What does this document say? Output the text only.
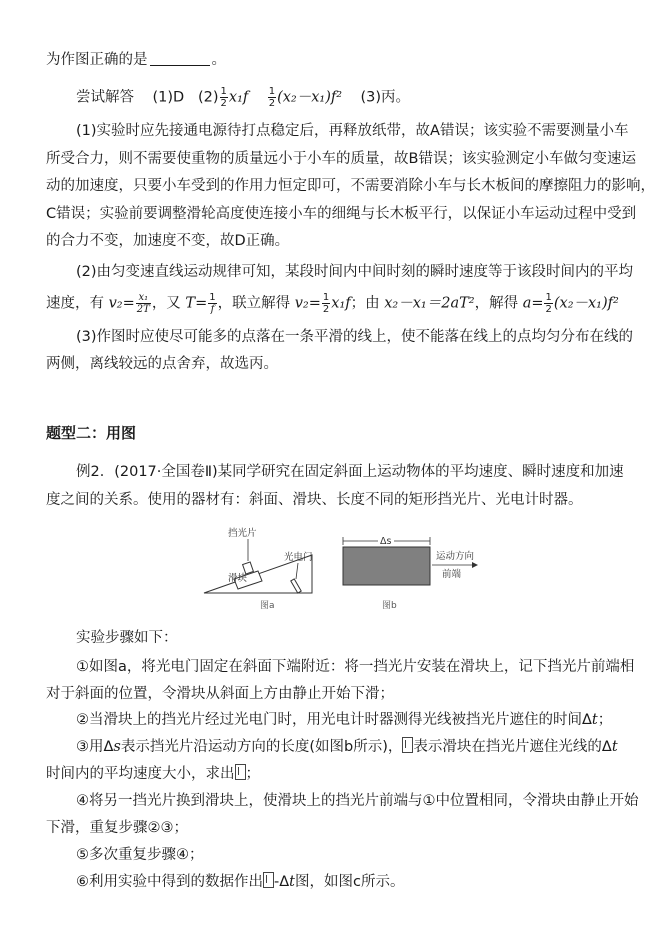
为作图正确的是	。
尝试解答 (1)D $(2) \frac{1}{2} x_1f \frac{1}{2} (x_2-x_1)f^2$ (3)丙。
(1)实验时应先接通电源待打点稳定后，再释放纸带，故A错误；该实验不需要测量小车
所受合力，则不需要使重物的质量远小于小车的质量，故B错误；该实验测定小车做匀变速运
动的加速度，只要小车受到的作用力恒定即可，不需要消除小车与长木板间的摩擦阻力的影响，
C错误；实验前要调整滑轮高度使连接小车的细绳与长木板平行，以保证小车运动过程中受到
的合力不变，加速度不变，故D正确。
(2)由匀变速直线运动规律可知，某段时间内中间时刻的瞬时速度等于该段时间内的平均
速度，有 $v_2= \frac{\text{x₁}}{2T}$ ，又 $T= \frac{1}{f}$ ，联立解得 $v_2= \frac{1}{2} x_1f$；由 x₂－x₁＝2aT²，解得 $a= \frac{1}{2} (x_2-x_1)f^2$
(3)作图时应使尽可能多的点落在一条平滑的线上，使不能落在线上的点均匀分布在线的
两侧，离线较远的点舍弃，故选丙。
题型二：用图
例2．(2017·全国卷Ⅱ)某同学研究在固定斜面上运动物体的平均速度、瞬时速度和加速
度之间的关系。使用的器材有：斜面、滑块、长度不同的矩形挡光片、光电计时器。
挡光片
光电门
滑块
图a
Δs
运动方向
前端
图b
实验步骤如下：
①如图a，将光电门固定在斜面下端附近：将一挡光片安装在滑块上，记下挡光片前端相
对于斜面的位置，令滑块从斜面上方由静止开始下滑；
②当滑块上的挡光片经过光电门时，用光电计时器测得光线被挡光片遮住的时间Δt；
③用Δs表示挡光片沿运动方向的长度(如图b所示)， 表示滑块在挡光片遮住光线的Δt
时间内的平均速度大小，求出 ；
④将另一挡光片换到滑块上，使滑块上的挡光片前端与①中位置相同，令滑块由静止开始
下滑，重复步骤②③；
⑤多次重复步骤④；
⑥利用实验中得到的数据作出 -Δt图，如图c所示。
